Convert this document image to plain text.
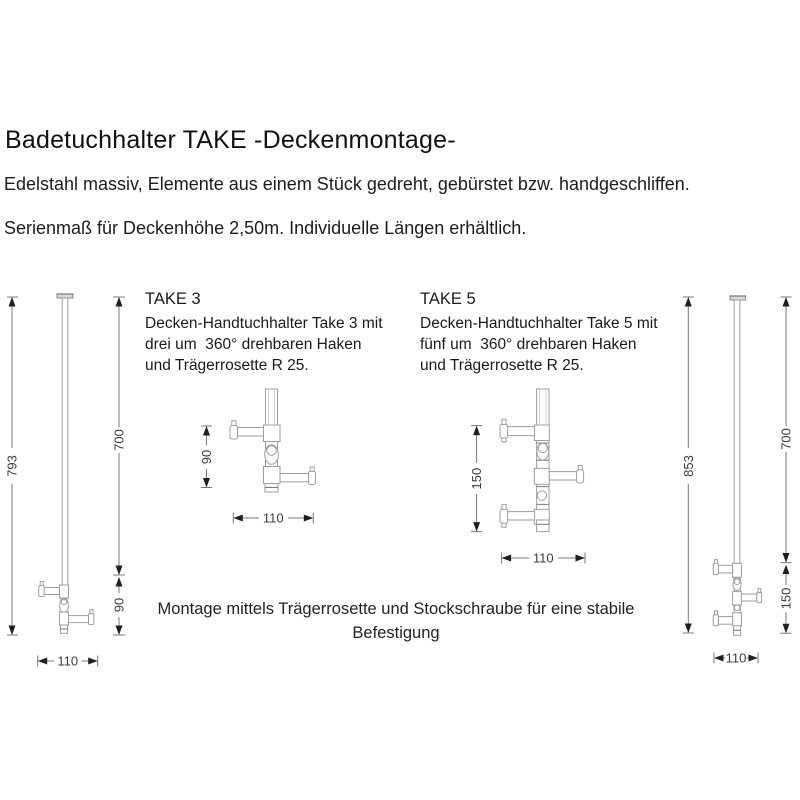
Badetuchhalter TAKE -Deckenmontage-
Edelstahl massiv, Elemente aus einem Stück gedreht, gebürstet bzw. handgeschliffen.
Serienmaß für Deckenhöhe 2,50m. Individuelle Längen erhältlich.
TAKE 3
Decken-Handtuchhalter Take 3 mit
drei um  360° drehbaren Haken
und Trägerrosette R 25.
TAKE 5
Decken-Handtuchhalter Take 5 mit
fünf um  360° drehbaren Haken
und Trägerrosette R 25.
793
700
90
110
90
110
150
110
853
700
150
110
Montage mittels Trägerrosette und Stockschraube für eine stabile
Befestigung
